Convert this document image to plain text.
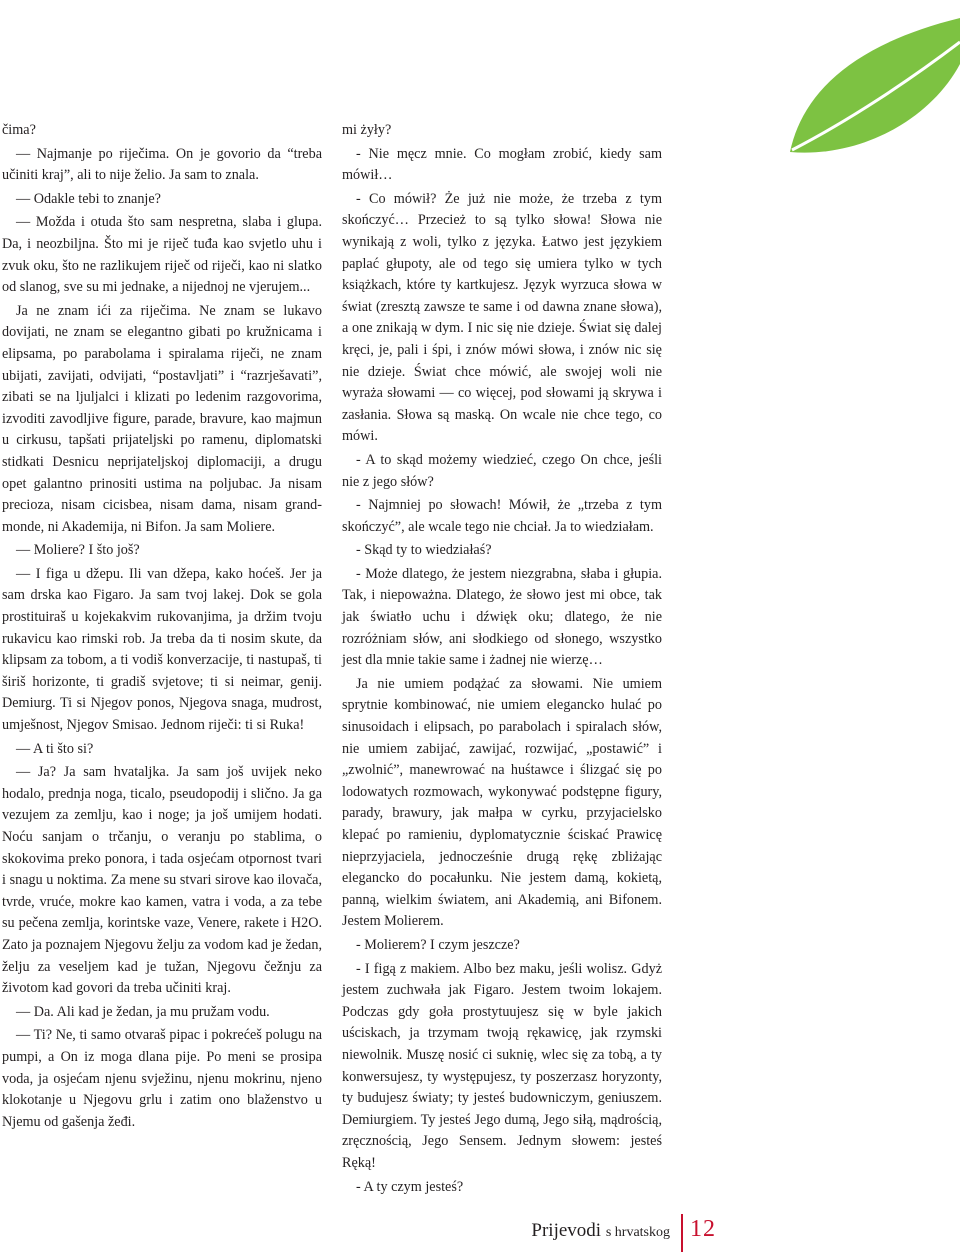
čima?

— Najmanje po riječima. On je govorio da “treba učiniti kraj”, ali to nije želio. Ja sam to znala.

— Odakle tebi to znanje?

— Možda i otuda što sam nespretna, slaba i glupa. Da, i neozbiljna. Što mi je riječ tuđa kao svjetlo uhu i zvuk oku, što ne razlikujem riječ od riječi, kao ni slatko od slanog, sve su mi jednake, a nijednoj ne vjerujem...

Ja ne znam ići za riječima. Ne znam se lukavo dovijati, ne znam se elegantno gibati po kružnicama i elipsama, po parabolama i spiralama riječi, ne znam ubijati, zavijati, odvijati, “postavljati” i “razrješavati”, zibati se na ljuljalci i klizati po ledenim razgovorima, izvoditi zavodljive figure, parade, bravure, kao majmun u cirkusu, tapšati prijateljski po ramenu, diplomatski stidkati Desnicu neprijateljskoj diplomaciji, a drugu opet galantno prinositi ustima na poljubac. Ja nisam precioza, nisam cicisbea, nisam dama, nisam grand-monde, ni Akademija, ni Bifon. Ja sam Moliere.

— Moliere? I što još?

— I figa u džepu. Ili van džepa, kako hoćeš. Jer ja sam drska kao Figaro. Ja sam tvoj lakej. Dok se gola prostituiraš u kojekakvim rukovanjima, ja držim tvoju rukavicu kao rimski rob. Ja treba da ti nosim skute, da klipsam za tobom, a ti vodiš konverzacije, ti nastupaš, ti širiš horizonte, ti gradiš svjetove; ti si neimar, genij. Demiurg. Ti si Njegov ponos, Njegova snaga, mudrost, umješnost, Njegov Smisao. Jednom riječi: ti si Ruka!

— A ti što si?

— Ja? Ja sam hvataljka. Ja sam još uvijek neko hodalo, prednja noga, ticalo, pseudopodij i slično. Ja ga vezujem za zemlju, kao i noge; ja još umijem hodati. Noću sanjam o trčanju, o veranju po stablima, o skokovima preko ponora, i tada osjećam otpornost tvari i snagu u noktima. Za mene su stvari sirove kao ilovača, tvrde, vruće, mokre kao kamen, vatra i voda, a za tebe su pečena zemlja, korintske vaze, Venere, rakete i H2O. Zato ja poznajem Njegovu želju za vodom kad je žedan, želju za veseljem kad je tužan, Njegovu čežnju za životom kad govori da treba učiniti kraj.

— Da. Ali kad je žedan, ja mu pružam vodu.

— Ti? Ne, ti samo otvaraš pipac i pokrećeš polugu na pumpi, a On iz moga dlana pije. Po meni se prosipa voda, ja osjećam njenu svježinu, njenu mokrinu, njeno klokotanje u Njegovu grlu i zatim ono blaženstvo u Njemu od gašenja žeđi.

mi żyły?

- Nie męcz mnie. Co mogłam zrobić, kiedy sam mówił…

- Co mówił? Że już nie może, że trzeba z tym skończyć… Przecież to są tylko słowa! Słowa nie wynikają z woli, tylko z języka. Łatwo jest językiem paplać głupoty, ale od tego się umiera tylko w tych książkach, które ty kartkujesz. Język wyrzuca słowa w świat (zresztą zawsze te same i od dawna znane słowa), a one znikają w dym. I nic się nie dzieje. Świat się dalej kręci, je, pali i śpi, i znów mówi słowa, i znów nic się nie dzieje. Świat chce mówić, ale swojej woli nie wyraża słowami — co więcej, pod słowami ją skrywa i zasłania. Słowa są maską. On wcale nie chce tego, co mówi.

- A to skąd możemy wiedzieć, czego On chce, jeśli nie z jego słów?

- Najmniej po słowach! Mówił, że „trzeba z tym skończyć”, ale wcale tego nie chciał. Ja to wiedziałam.

- Skąd ty to wiedziałaś?

- Może dlatego, że jestem niezgrabna, słaba i głupia. Tak, i niepoważna. Dlatego, że słowo jest mi obce, tak jak światło uchu i dźwięk oku; dlatego, że nie rozróżniam słów, ani słodkiego od słonego, wszystko jest dla mnie takie same i żadnej nie wierzę…

Ja nie umiem podążać za słowami. Nie umiem sprytnie kombinować, nie umiem elegancko hulać po sinusoidach i elipsach, po parabolach i spiralach słów, nie umiem zabijać, zawijać, rozwijać, „postawić” i „zwolnić”, manewrować na huśtawce i ślizgać się po lodowatych rozmowach, wykonywać podstępne figury, parady, brawury, jak małpa w cyrku, przyjacielsko klepać po ramieniu, dyplomatycznie ściskać Prawicę nieprzyjaciela, jednocześnie drugą rękę zbliżając elegancko do pocałunku. Nie jestem damą, kokietą, panną, wielkim światem, ani Akademią, ani Bifonem. Jestem Molierem.

- Molierem? I czym jeszcze?

- I figą z makiem. Albo bez maku, jeśli wolisz. Gdyż jestem zuchwała jak Figaro. Jestem twoim lokajem. Podczas gdy goła prostytuujesz się w byle jakich uściskach, ja trzymam twoją rękawicę, jak rzymski niewolnik. Muszę nosić ci suknię, wlec się za tobą, a ty konwersujesz, ty występujesz, ty poszerzasz horyzonty, ty budujesz światy; ty jesteś budowniczym, geniuszem. Demiurgiem. Ty jesteś Jego dumą, Jego siłą, mądrością, zręcznością, Jego Sensem. Jednym słowem: jesteś Ręką!

- A ty czym jesteś?

Prijevodi s hrvatskog 12
